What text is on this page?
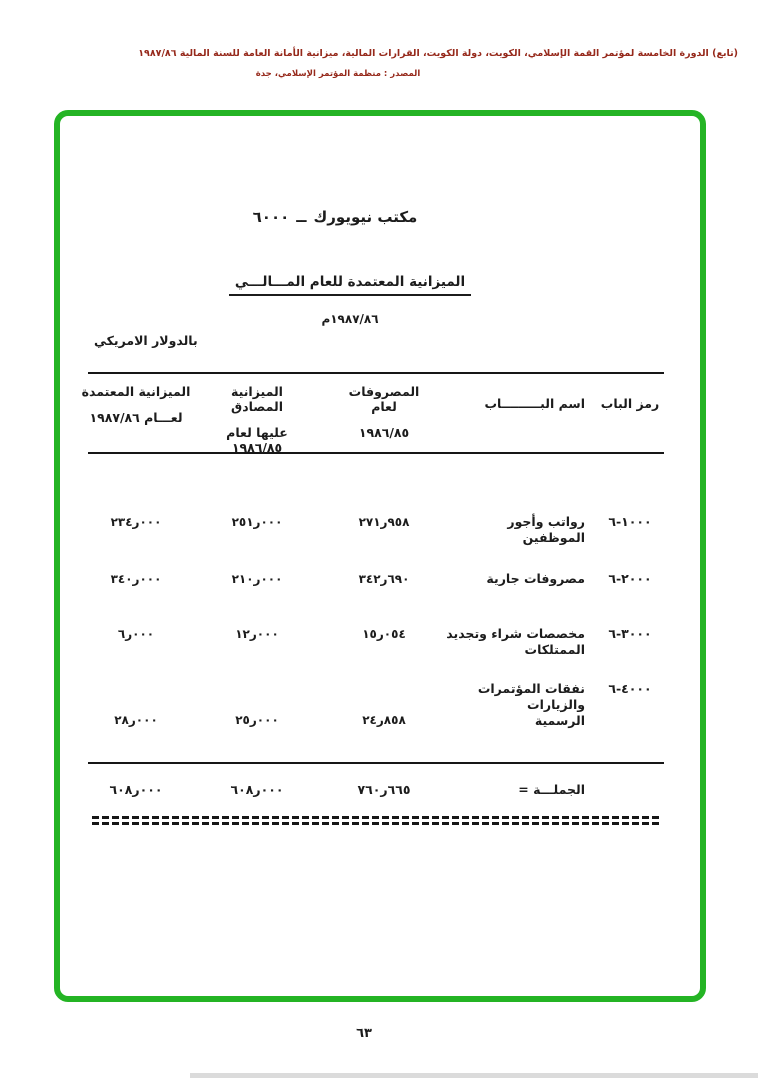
(تابع) الدورة الخامسة لمؤتمر القمة الإسلامي، الكويت، دولة الكويت، القرارات المالية، ميزانية الأمانة العامة للسنة المالية ١٩٨٧/٨٦
المصدر : منظمة المؤتمر الإسلامي، جدة
٦٠٠٠ ــ مكتب نيويورك
الميزانية المعتمدة للعام المـــالـــي
١٩٨٧/٨٦م
بالدولار الامريكي
رمز الباب
اسم البـــــــــاب
المصروفات لعام
١٩٨٦/٨٥
الميزانية المصادق
عليها لعام ١٩٨٦/٨٥
الميزانية المعتمدة
لعـــام ١٩٨٧/٨٦
٦-١٠٠٠
رواتب وأجور الموظفين
٢٧١ر٩٥٨
٢٥١ر٠٠٠
٢٣٤ر٠٠٠
٦-٢٠٠٠
مصروفات جارية
٣٤٢ر٦٩٠
٢١٠ر٠٠٠
٣٤٠ر٠٠٠
٦-٣٠٠٠
مخصصات شراء وتجديد الممتلكات
١٥ر٠٥٤
١٢ر٠٠٠
٦ر٠٠٠
٦-٤٠٠٠
نفقات المؤتمرات والزيارات
الرسمية
٢٤ر٨٥٨
٢٥ر٠٠٠
٢٨ر٠٠٠
الجملـــة =
٧٦٠ر٦٦٥
٦٠٨ر٠٠٠
٦٠٨ر٠٠٠
٦٣
